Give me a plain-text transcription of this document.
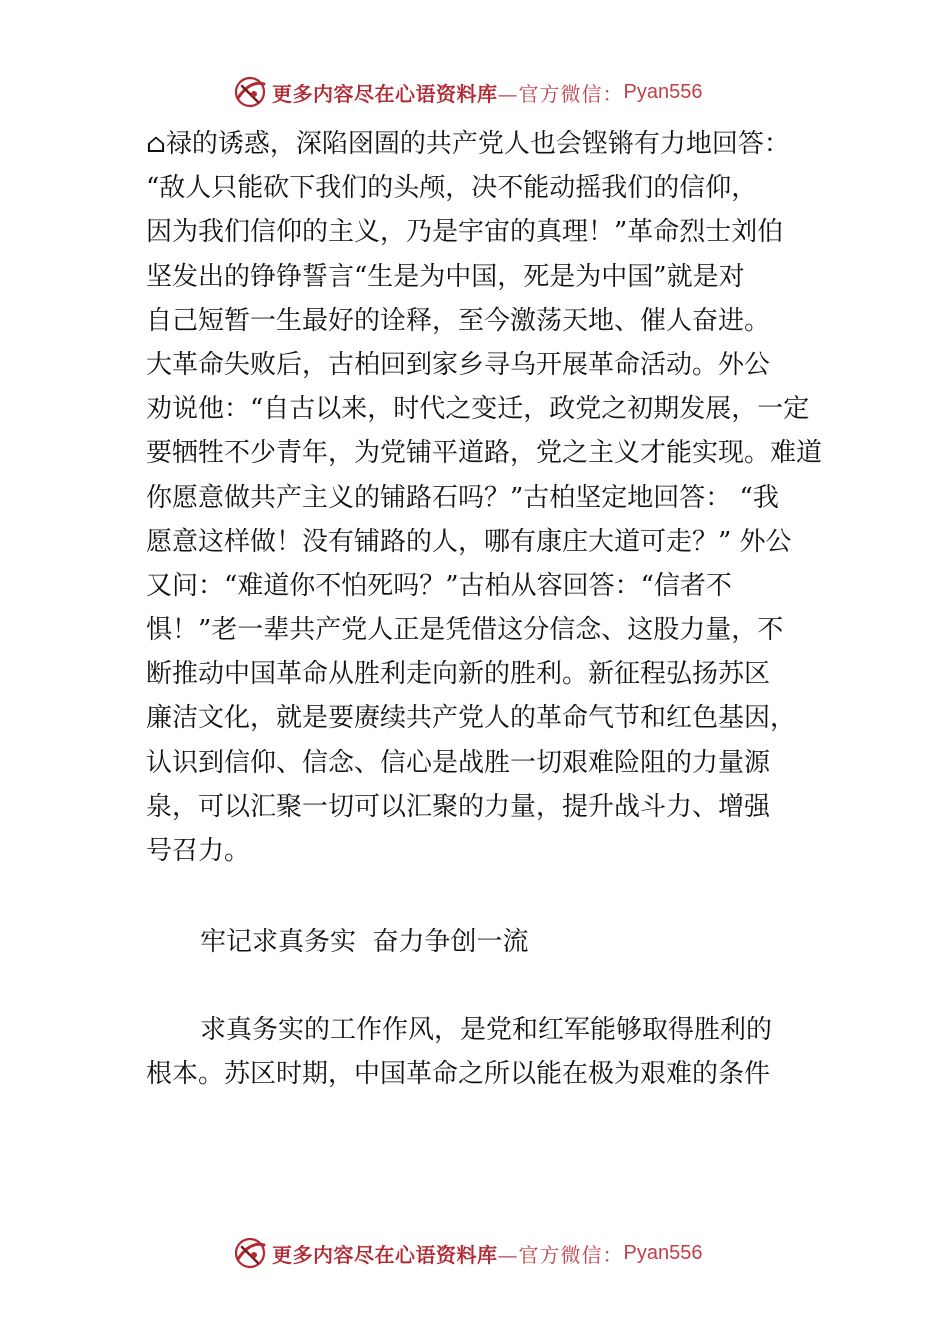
更多内容尽在心语资料库 —官方微信： Pyan556
⌂禄的诱惑，深陷囹圄的共产党人也会铿锵有力地回答：
“敌人只能砍下我们的头颅，决不能动摇我们的信仰，
因为我们信仰的主义，乃是宇宙的真理！”革命烈士刘伯
坚发出的铮铮誓言“生是为中国，死是为中国”就是对
自己短暂一生最好的诠释，至今激荡天地、催人奋进。
大革命失败后，古柏回到家乡寻乌开展革命活动。外公
劝说他：“自古以来，时代之变迁，政党之初期发展，一定
要牺牲不少青年，为党铺平道路，党之主义才能实现。难道
你愿意做共产主义的铺路石吗？”古柏坚定地回答： “我
愿意这样做！没有铺路的人，哪有康庄大道可走？” 外公
又问：“难道你不怕死吗？”古柏从容回答：“信者不
惧！”老一辈共产党人正是凭借这分信念、这股力量，不
断推动中国革命从胜利走向新的胜利。新征程弘扬苏区
廉洁文化，就是要赓续共产党人的革命气节和红色基因，
认识到信仰、信念、信心是战胜一切艰难险阻的力量源
泉，可以汇聚一切可以汇聚的力量，提升战斗力、增强
号召力。
牢记求真务实  奋力争创一流
求真务实的工作作风，是党和红军能够取得胜利的
根本。苏区时期，中国革命之所以能在极为艰难的条件
更多内容尽在心语资料库 —官方微信： Pyan556
